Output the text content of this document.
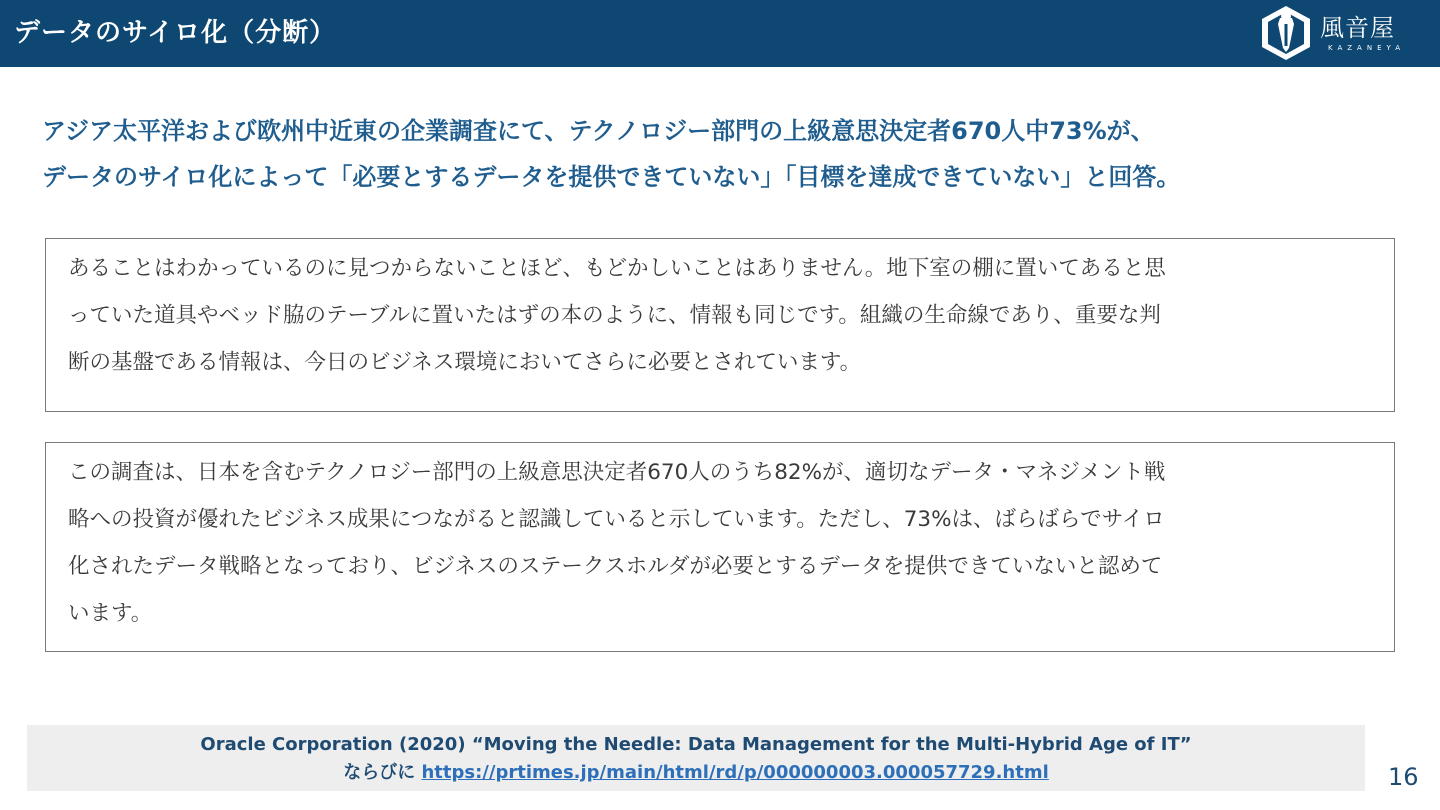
データのサイロ化（分断）	風音屋
KAZANEYA
アジア太平洋および欧州中近東の企業調査にて、テクノロジー部門の上級意思決定者670人中73%が、
データのサイロ化によって「必要とするデータを提供できていない」「目標を達成できていない」と回答。
あることはわかっているのに見つからないことほど、もどかしいことはありません。地下室の棚に置いてあると思
っていた道具やベッド脇のテーブルに置いたはずの本のように、情報も同じです。組織の生命線であり、重要な判
断の基盤である情報は、今日のビジネス環境においてさらに必要とされています。
この調査は、日本を含むテクノロジー部門の上級意思決定者670人のうち82%が、適切なデータ・マネジメント戦
略への投資が優れたビジネス成果につながると認識していると示しています。ただし、73%は、ばらばらでサイロ
化されたデータ戦略となっており、ビジネスのステークスホルダが必要とするデータを提供できていないと認めて
います。
Oracle Corporation (2020) “Moving the Needle: Data Management for the Multi-Hybrid Age of IT”
ならびに https://prtimes.jp/main/html/rd/p/000000003.000057729.html	16
